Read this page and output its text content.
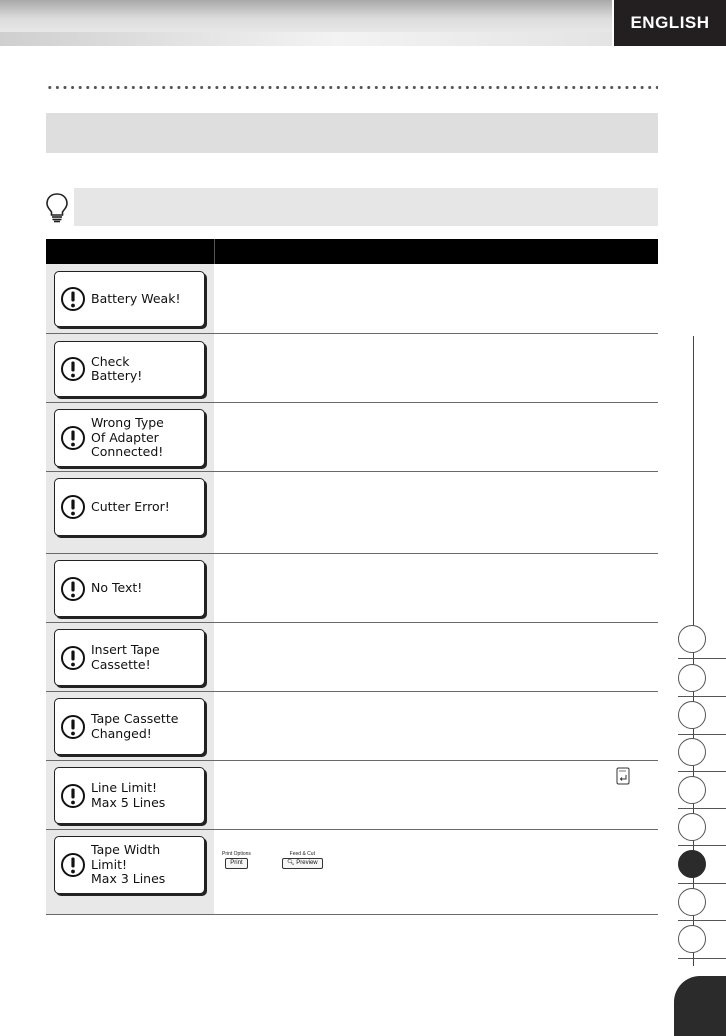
ENGLISH
Battery Weak!
Check
Battery!
Wrong Type
Of Adapter
Connected!
Cutter Error!
No Text!
Insert Tape
Cassette!
Tape Cassette
Changed!
Line Limit!
Max 5 Lines
Tape Width
Limit!
Max 3 Lines
Print Options
Print
Feed & Cut
🔍︎ Preview
